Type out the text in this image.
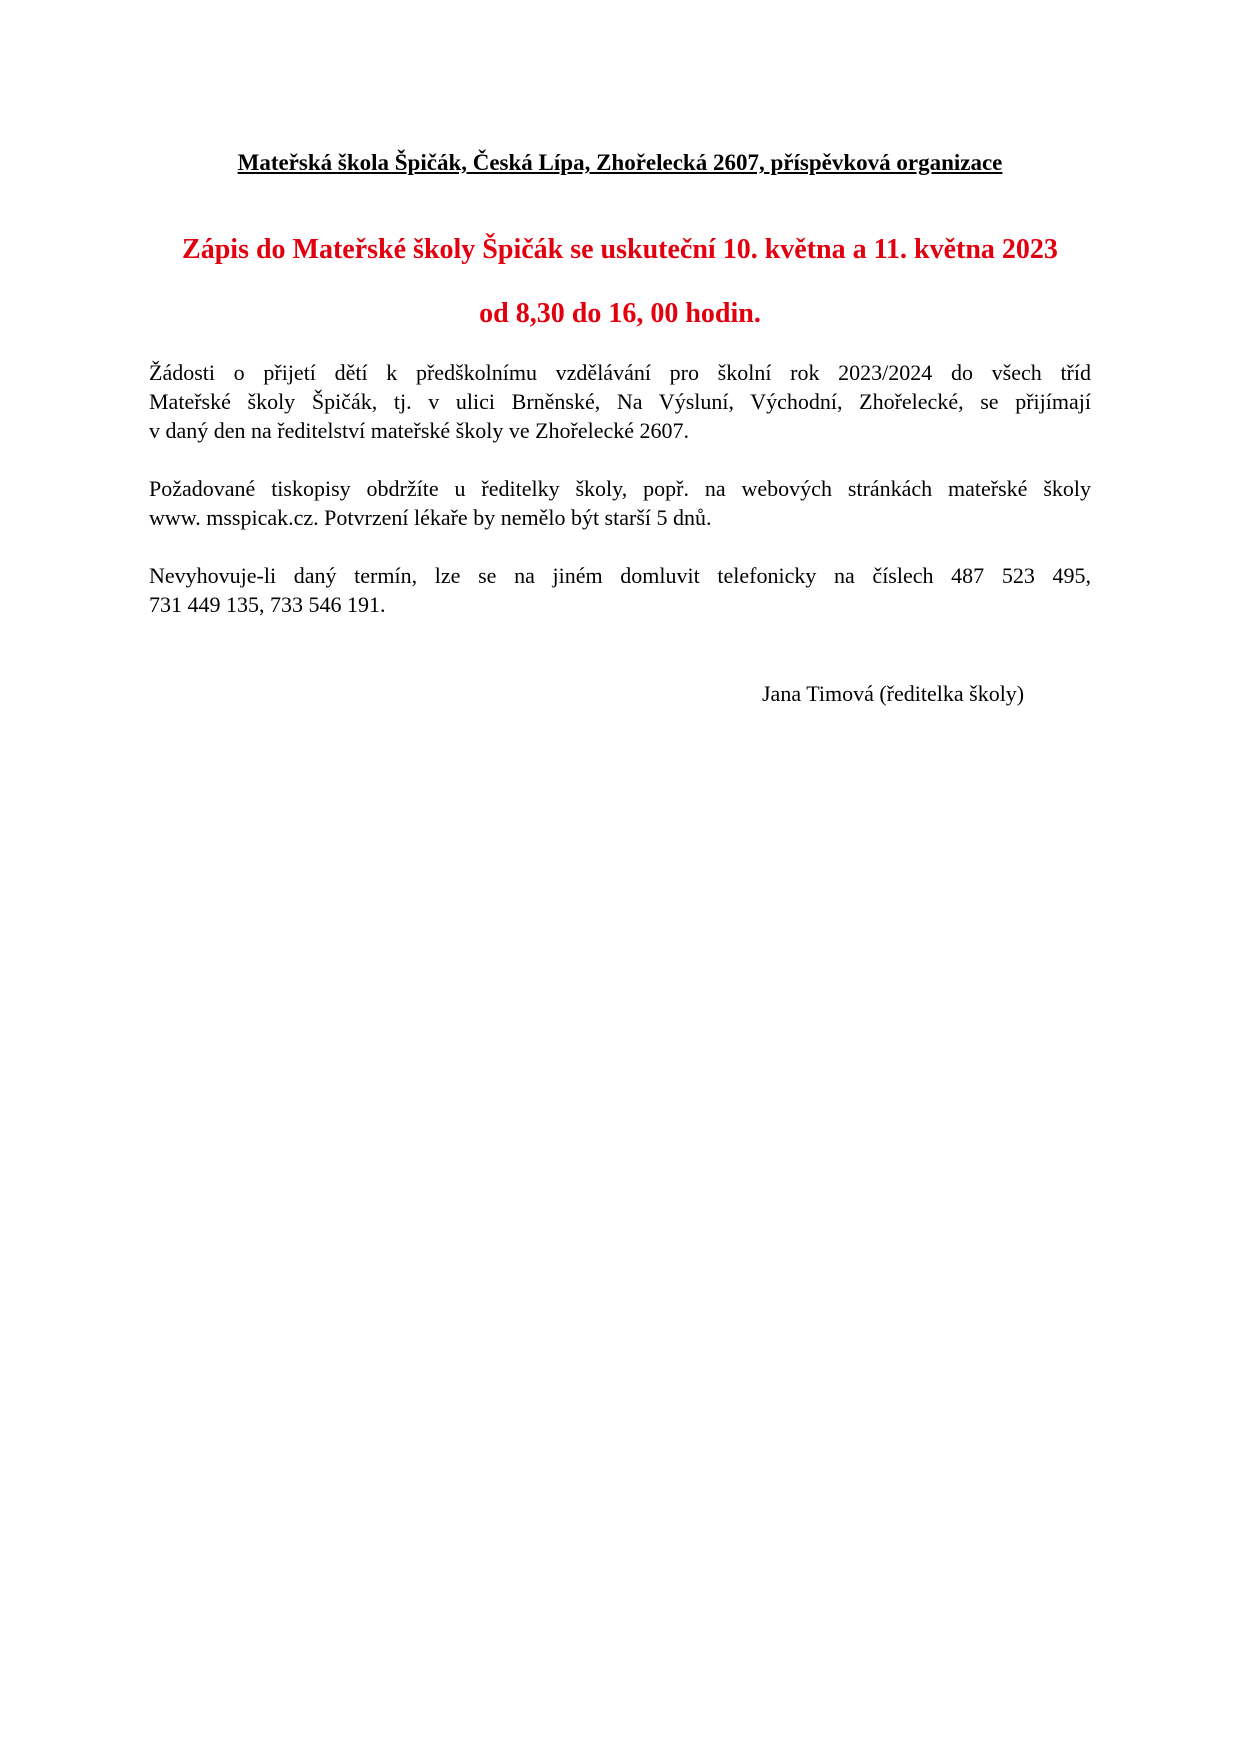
Mateřská škola Špičák, Česká Lípa, Zhořelecká 2607, příspěvková organizace
Zápis do Mateřské školy Špičák se uskuteční 10. května a 11. května 2023
od 8,30 do 16, 00 hodin.
Žádosti o přijetí dětí k předškolnímu vzdělávání pro školní rok 2023/2024 do všech tříd
Mateřské školy Špičák, tj. v ulici Brněnské, Na Výsluní, Východní, Zhořelecké, se přijímají
v daný den na ředitelství mateřské školy ve Zhořelecké 2607.
Požadované tiskopisy obdržíte u ředitelky školy, popř. na webových stránkách mateřské školy
www. msspicak.cz. Potvrzení lékaře by nemělo být starší 5 dnů.
Nevyhovuje-li daný termín, lze se na jiném domluvit telefonicky na číslech 487 523 495,
731 449 135, 733 546 191.
Jana Timová (ředitelka školy)
